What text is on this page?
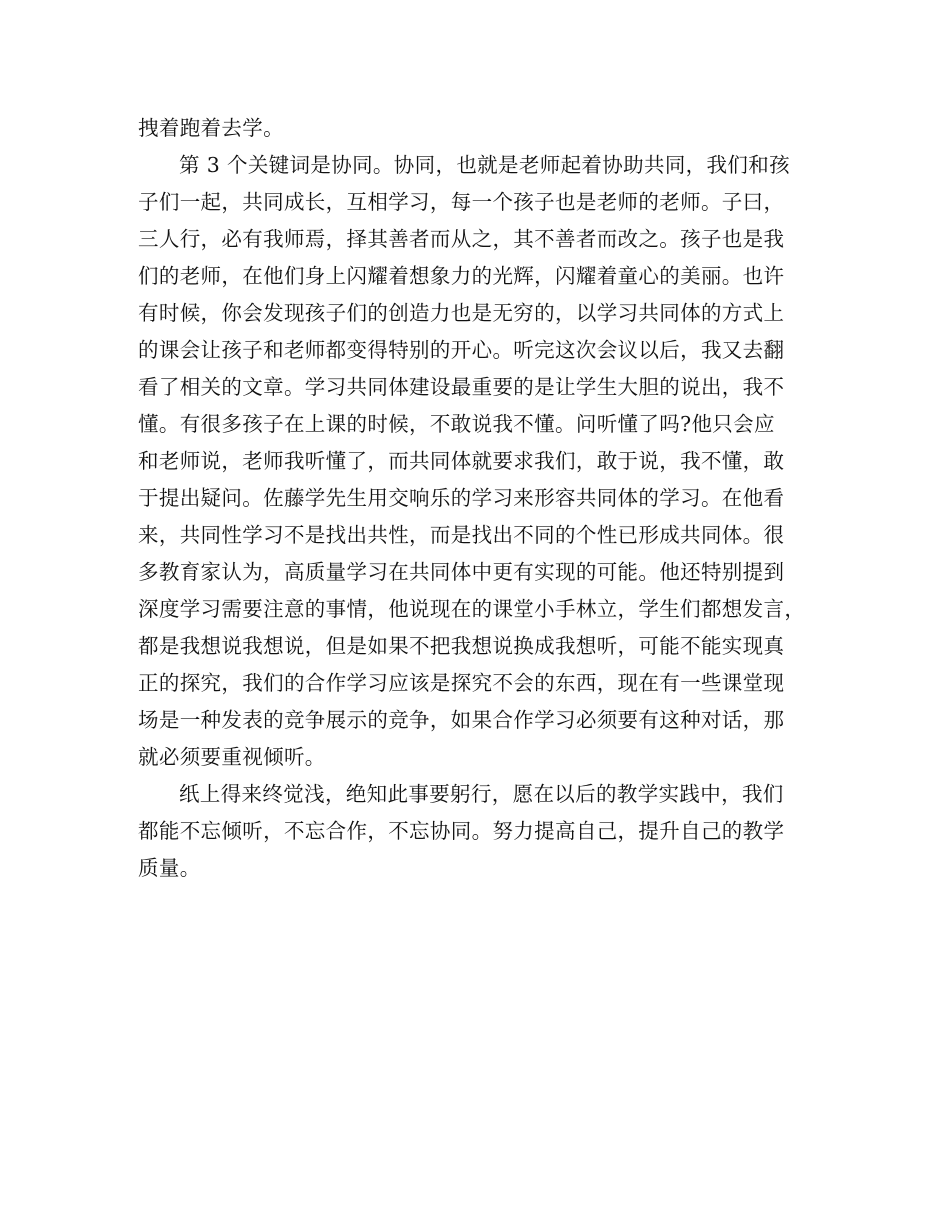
拽着跑着去学。
第 3 个关键词是协同。协同，也就是老师起着协助共同，我们和孩
子们一起，共同成长，互相学习，每一个孩子也是老师的老师。子曰，
三人行，必有我师焉，择其善者而从之，其不善者而改之。孩子也是我
们的老师，在他们身上闪耀着想象力的光辉，闪耀着童心的美丽。也许
有时候，你会发现孩子们的创造力也是无穷的，以学习共同体的方式上
的课会让孩子和老师都变得特别的开心。听完这次会议以后，我又去翻
看了相关的文章。学习共同体建设最重要的是让学生大胆的说出，我不
懂。有很多孩子在上课的时候，不敢说我不懂。问听懂了吗?他只会应
和老师说，老师我听懂了，而共同体就要求我们，敢于说，我不懂，敢
于提出疑问。佐藤学先生用交响乐的学习来形容共同体的学习。在他看
来，共同性学习不是找出共性，而是找出不同的个性已形成共同体。很
多教育家认为，高质量学习在共同体中更有实现的可能。他还特别提到
深度学习需要注意的事情，他说现在的课堂小手林立，学生们都想发言，
都是我想说我想说，但是如果不把我想说换成我想听，可能不能实现真
正的探究，我们的合作学习应该是探究不会的东西，现在有一些课堂现
场是一种发表的竞争展示的竞争，如果合作学习必须要有这种对话，那
就必须要重视倾听。
纸上得来终觉浅，绝知此事要躬行，愿在以后的教学实践中，我们
都能不忘倾听，不忘合作，不忘协同。努力提高自己，提升自己的教学
质量。
